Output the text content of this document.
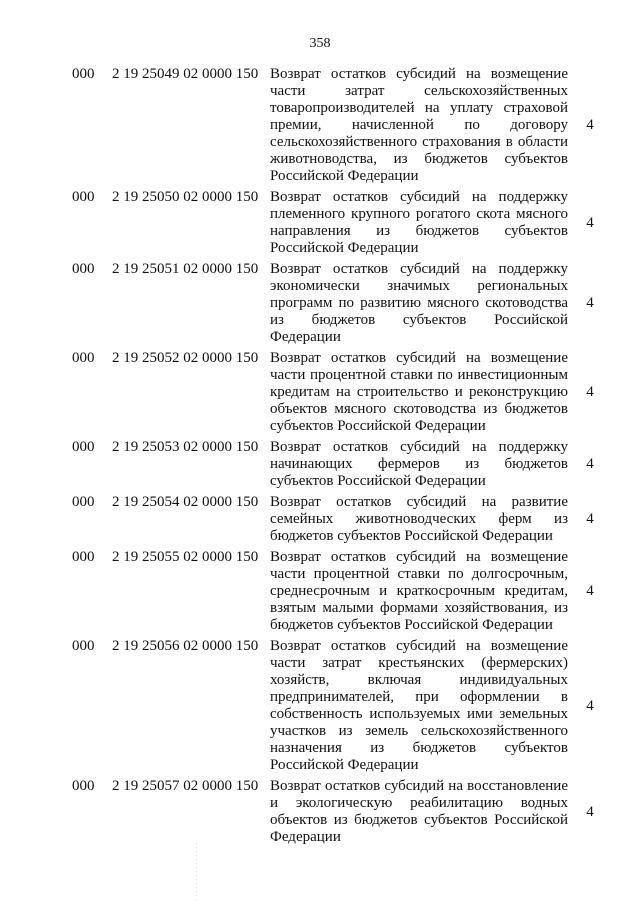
358
000	2 19 25049 02 0000 150 Возврат остатков субсидий на возмещение части затрат сельскохозяйственных товаропроизводителей на уплату страховой премии, начисленной по договору сельскохозяйственного страхования в области животноводства, из бюджетов субъектов Российской Федерации
4
000	2 19 25050 02 0000 150 Возврат остатков субсидий на поддержку племенного крупного рогатого скота мясного направления из бюджетов субъектов Российской Федерации
4
000	2 19 25051 02 0000 150 Возврат остатков субсидий на поддержку экономически значимых региональных программ по развитию мясного скотоводства из бюджетов субъектов Российской Федерации
4
000	2 19 25052 02 0000 150 Возврат остатков субсидий на возмещение части процентной ставки по инвестиционным кредитам на строительство и реконструкцию объектов мясного скотоводства из бюджетов субъектов Российской Федерации
4
000	2 19 25053 02 0000 150 Возврат остатков субсидий на поддержку начинающих фермеров из бюджетов субъектов Российской Федерации
4
000	2 19 25054 02 0000 150 Возврат остатков субсидий на развитие семейных животноводческих ферм из бюджетов субъектов Российской Федерации
4
000	2 19 25055 02 0000 150 Возврат остатков субсидий на возмещение части процентной ставки по долгосрочным, среднесрочным и краткосрочным кредитам, взятым малыми формами хозяйствования, из бюджетов субъектов Российской Федерации
4
000	2 19 25056 02 0000 150 Возврат остатков субсидий на возмещение части затрат крестьянских (фермерских) хозяйств, включая индивидуальных предпринимателей, при оформлении в собственность используемых ими земельных участков из земель сельскохозяйственного назначения из бюджетов субъектов Российской Федерации
4
000	2 19 25057 02 0000 150 Возврат остатков субсидий на восстановление и экологическую реабилитацию водных объектов из бюджетов субъектов Российской Федерации
4
